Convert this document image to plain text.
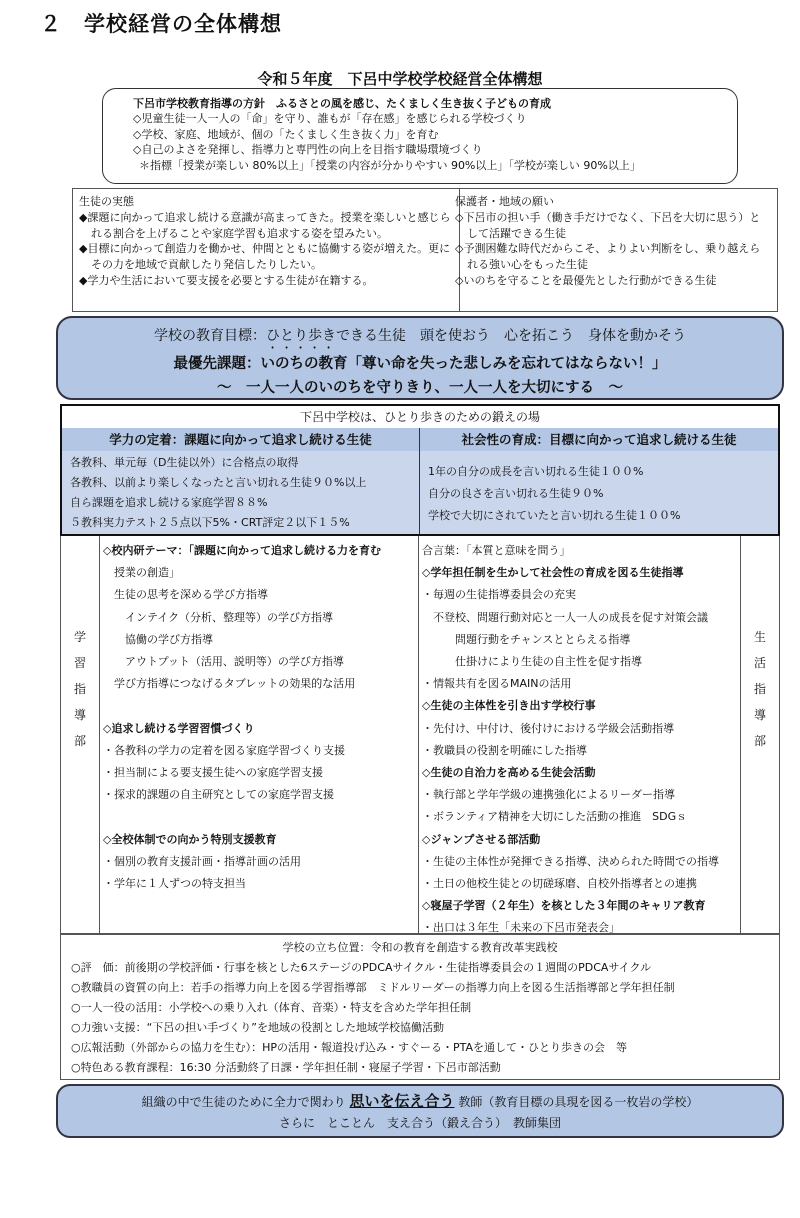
２　学校経営の全体構想
令和５年度　下呂中学校学校経営全体構想
下呂市学校教育指導の方針　ふるさとの風を感じ、たくましく生き抜く子どもの育成
◇児童生徒一人一人の「命」を守り、誰もが「存在感」を感じられる学校づくり
◇学校、家庭、地域が、個の「たくましく生き抜く力」を育む
◇自己のよさを発揮し、指導力と専門性の向上を目指す職場環境づくり
＊指標「授業が楽しい 80%以上」「授業の内容が分かりやすい 90%以上」「学校が楽しい 90%以上」
生徒の実態
◆課題に向かって追求し続ける意識が高まってきた。授業を楽しいと感じられる割合を上げることや家庭学習も追求する姿を望みたい。
◆目標に向かって創造力を働かせ、仲間とともに協働する姿が増えた。更にその力を地域で貢献したり発信したりしたい。
◆学力や生活において要支援を必要とする生徒が在籍する。
保護者・地域の願い
◇下呂市の担い手（働き手だけでなく、下呂を大切に思う）として活躍できる生徒
◇予測困難な時代だからこそ、よりよい判断をし、乗り越えられる強い心をもった生徒
◇いのちを守ることを最優先とした行動ができる生徒
学校の教育目標：ひとり歩きできる生徒　頭を使おう　心を拓こう　身体を動かそう
最優先課題：いのちの教育「尊い命を失った悲しみを忘れてはならない！」
～　一人一人のいのちを守りきり、一人一人を大切にする　～
下呂中学校は、ひとり歩きのための鍛えの場
学力の定着：課題に向かって追求し続ける生徒	社会性の育成：目標に向かって追求し続ける生徒
各教科、単元毎（D生徒以外）に合格点の取得
各教科、以前より楽しくなったと言い切れる生徒９０%以上
自ら課題を追求し続ける家庭学習８８%
５教科実力テスト２５点以下5%・CRT評定２以下１５%
1年の自分の成長を言い切れる生徒１００%
自分の良さを言い切れる生徒９０%
学校で大切にされていたと言い切れる生徒１００%
学
習
指
導
部
◇校内研テーマ：「課題に向かって追求し続ける力を育む
　授業の創造」
　生徒の思考を深める学び方指導
　　インテイク（分析、整理等）の学び方指導
　　協働の学び方指導
　　アウトプット（活用、説明等）の学び方指導
　学び方指導につなげるタブレットの効果的な活用

◇追求し続ける学習習慣づくり
・各教科の学力の定着を図る家庭学習づくり支援
・担当制による要支援生徒への家庭学習支援
・探求的課題の自主研究としての家庭学習支援

◇全校体制での向かう特別支援教育
・個別の教育支援計画・指導計画の活用
・学年に１人ずつの特支担当
合言葉：「本質と意味を問う」
◇学年担任制を生かして社会性の育成を図る生徒指導
・毎週の生徒指導委員会の充実
　不登校、問題行動対応と一人一人の成長を促す対策会議
　　　問題行動をチャンスととらえる指導
　　　仕掛けにより生徒の自主性を促す指導
・情報共有を図るMAINの活用
◇生徒の主体性を引き出す学校行事
・先付け、中付け、後付けにおける学級会活動指導
・教職員の役割を明確にした指導
◇生徒の自治力を高める生徒会活動
・執行部と学年学級の連携強化によるリーダー指導
・ボランティア精神を大切にした活動の推進　SDGｓ
◇ジャンプさせる部活動
・生徒の主体性が発揮できる指導、決められた時間での指導
・土日の他校生徒との切磋琢磨、自校外指導者との連携
◇寝屋子学習（２年生）を核とした３年間のキャリア教育
・出口は３年生「未来の下呂市発表会」
生
活
指
導
部
学校の立ち位置：令和の教育を創造する教育改革実践校
○評　価：前後期の学校評価・行事を核とした6ステージのPDCAサイクル・生徒指導委員会の１週間のPDCAサイクル
○教職員の資質の向上：若手の指導力向上を図る学習指導部　ミドルリーダーの指導力向上を図る生活指導部と学年担任制
○一人一役の活用：小学校への乗り入れ（体育、音楽）・特支を含めた学年担任制
○力強い支援：“下呂の担い手づくり”を地域の役割とした地域学校協働活動
○広報活動（外部からの協力を生む）：HPの活用・報道投げ込み・すぐーる・PTAを通して・ひとり歩きの会　等
○特色ある教育課程：16:30 分活動終了日課・学年担任制・寝屋子学習・下呂市部活動
組織の中で生徒のために全力で関わり 思いを伝え合う 教師（教育目標の具現を図る一枚岩の学校）
さらに　とことん　支え合う（鍛え合う）　教師集団
